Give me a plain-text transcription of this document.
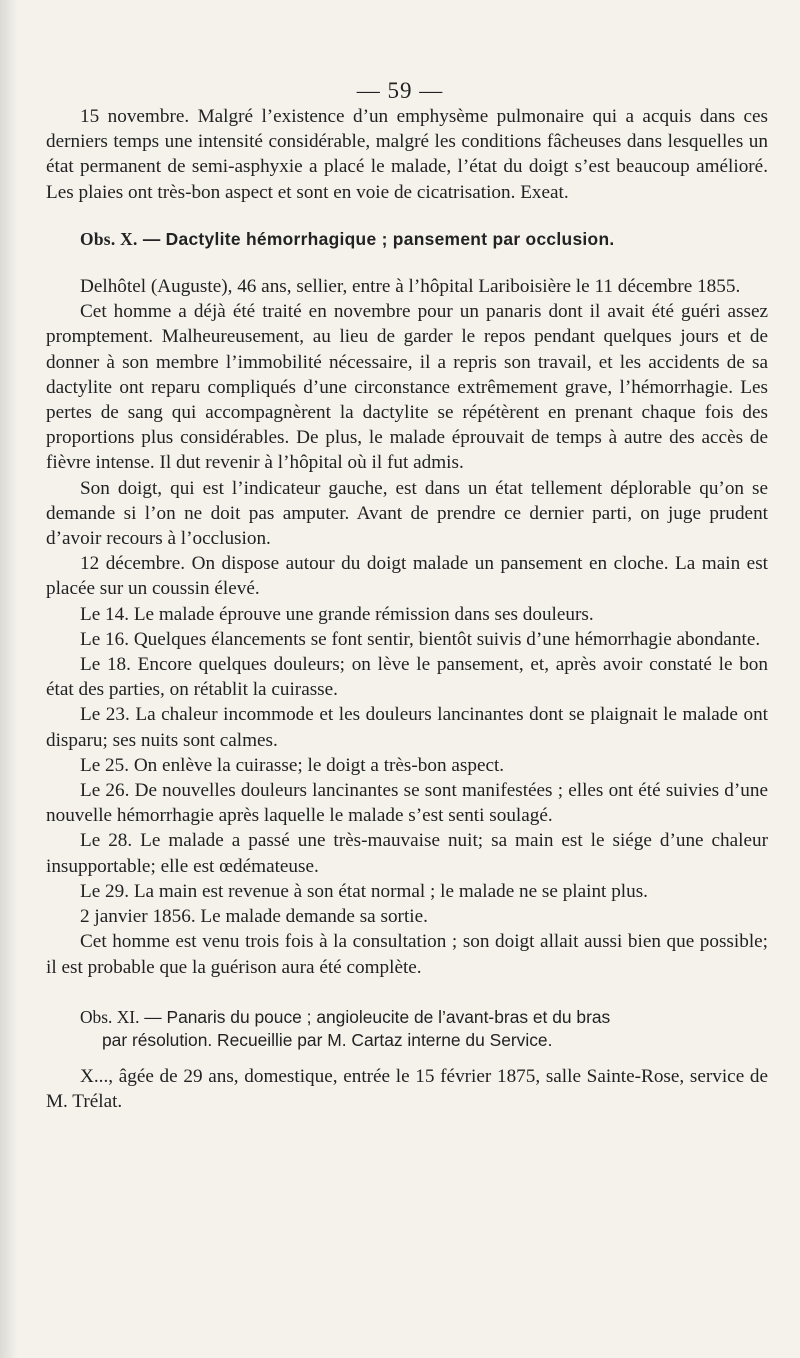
— 59 —

15 novembre. Malgré l’existence d’un emphysème pulmonaire qui a acquis dans ces derniers temps une intensité considérable, malgré les conditions fâcheuses dans lesquelles un état permanent de semi-asphyxie a placé le malade, l’état du doigt s’est beaucoup amélioré. Les plaies ont très-bon aspect et sont en voie de cicatrisation. Exeat.

Obs. X. — Dactylite hémorrhagique ; pansement par occlusion.

Delhôtel (Auguste), 46 ans, sellier, entre à l’hôpital Lariboisière le 11 décembre 1855.

Cet homme a déjà été traité en novembre pour un panaris dont il avait été guéri assez promptement. Malheureusement, au lieu de garder le repos pendant quelques jours et de donner à son membre l’immobilité nécessaire, il a repris son travail, et les accidents de sa dactylite ont reparu compliqués d’une circonstance extrêmement grave, l’hémorrhagie. Les pertes de sang qui accompagnèrent la dactylite se répétèrent en prenant chaque fois des proportions plus considérables. De plus, le malade éprouvait de temps à autre des accès de fièvre intense. Il dut revenir à l’hôpital où il fut admis.

Son doigt, qui est l’indicateur gauche, est dans un état tellement déplorable qu’on se demande si l’on ne doit pas amputer. Avant de prendre ce dernier parti, on juge prudent d’avoir recours à l’occlusion.

12 décembre. On dispose autour du doigt malade un pansement en cloche. La main est placée sur un coussin élevé.

Le 14. Le malade éprouve une grande rémission dans ses douleurs.

Le 16. Quelques élancements se font sentir, bientôt suivis d’une hémorrhagie abondante.

Le 18. Encore quelques douleurs; on lève le pansement, et, après avoir constaté le bon état des parties, on rétablit la cuirasse.

Le 23. La chaleur incommode et les douleurs lancinantes dont se plaignait le malade ont disparu; ses nuits sont calmes.

Le 25. On enlève la cuirasse; le doigt a très-bon aspect.

Le 26. De nouvelles douleurs lancinantes se sont manifestées ; elles ont été suivies d’une nouvelle hémorrhagie après laquelle le malade s’est senti soulagé.

Le 28. Le malade a passé une très-mauvaise nuit; sa main est le siége d’une chaleur insupportable; elle est œdémateuse.

Le 29. La main est revenue à son état normal ; le malade ne se plaint plus.

2 janvier 1856. Le malade demande sa sortie.

Cet homme est venu trois fois à la consultation ; son doigt allait aussi bien que possible; il est probable que la guérison aura été complète.

Obs. XI. — Panaris du pouce ; angioleucite de l’avant-bras et du bras
par résolution. Recueillie par M. Cartaz interne du Service.

X..., âgée de 29 ans, domestique, entrée le 15 février 1875, salle Sainte-Rose, service de M. Trélat.
